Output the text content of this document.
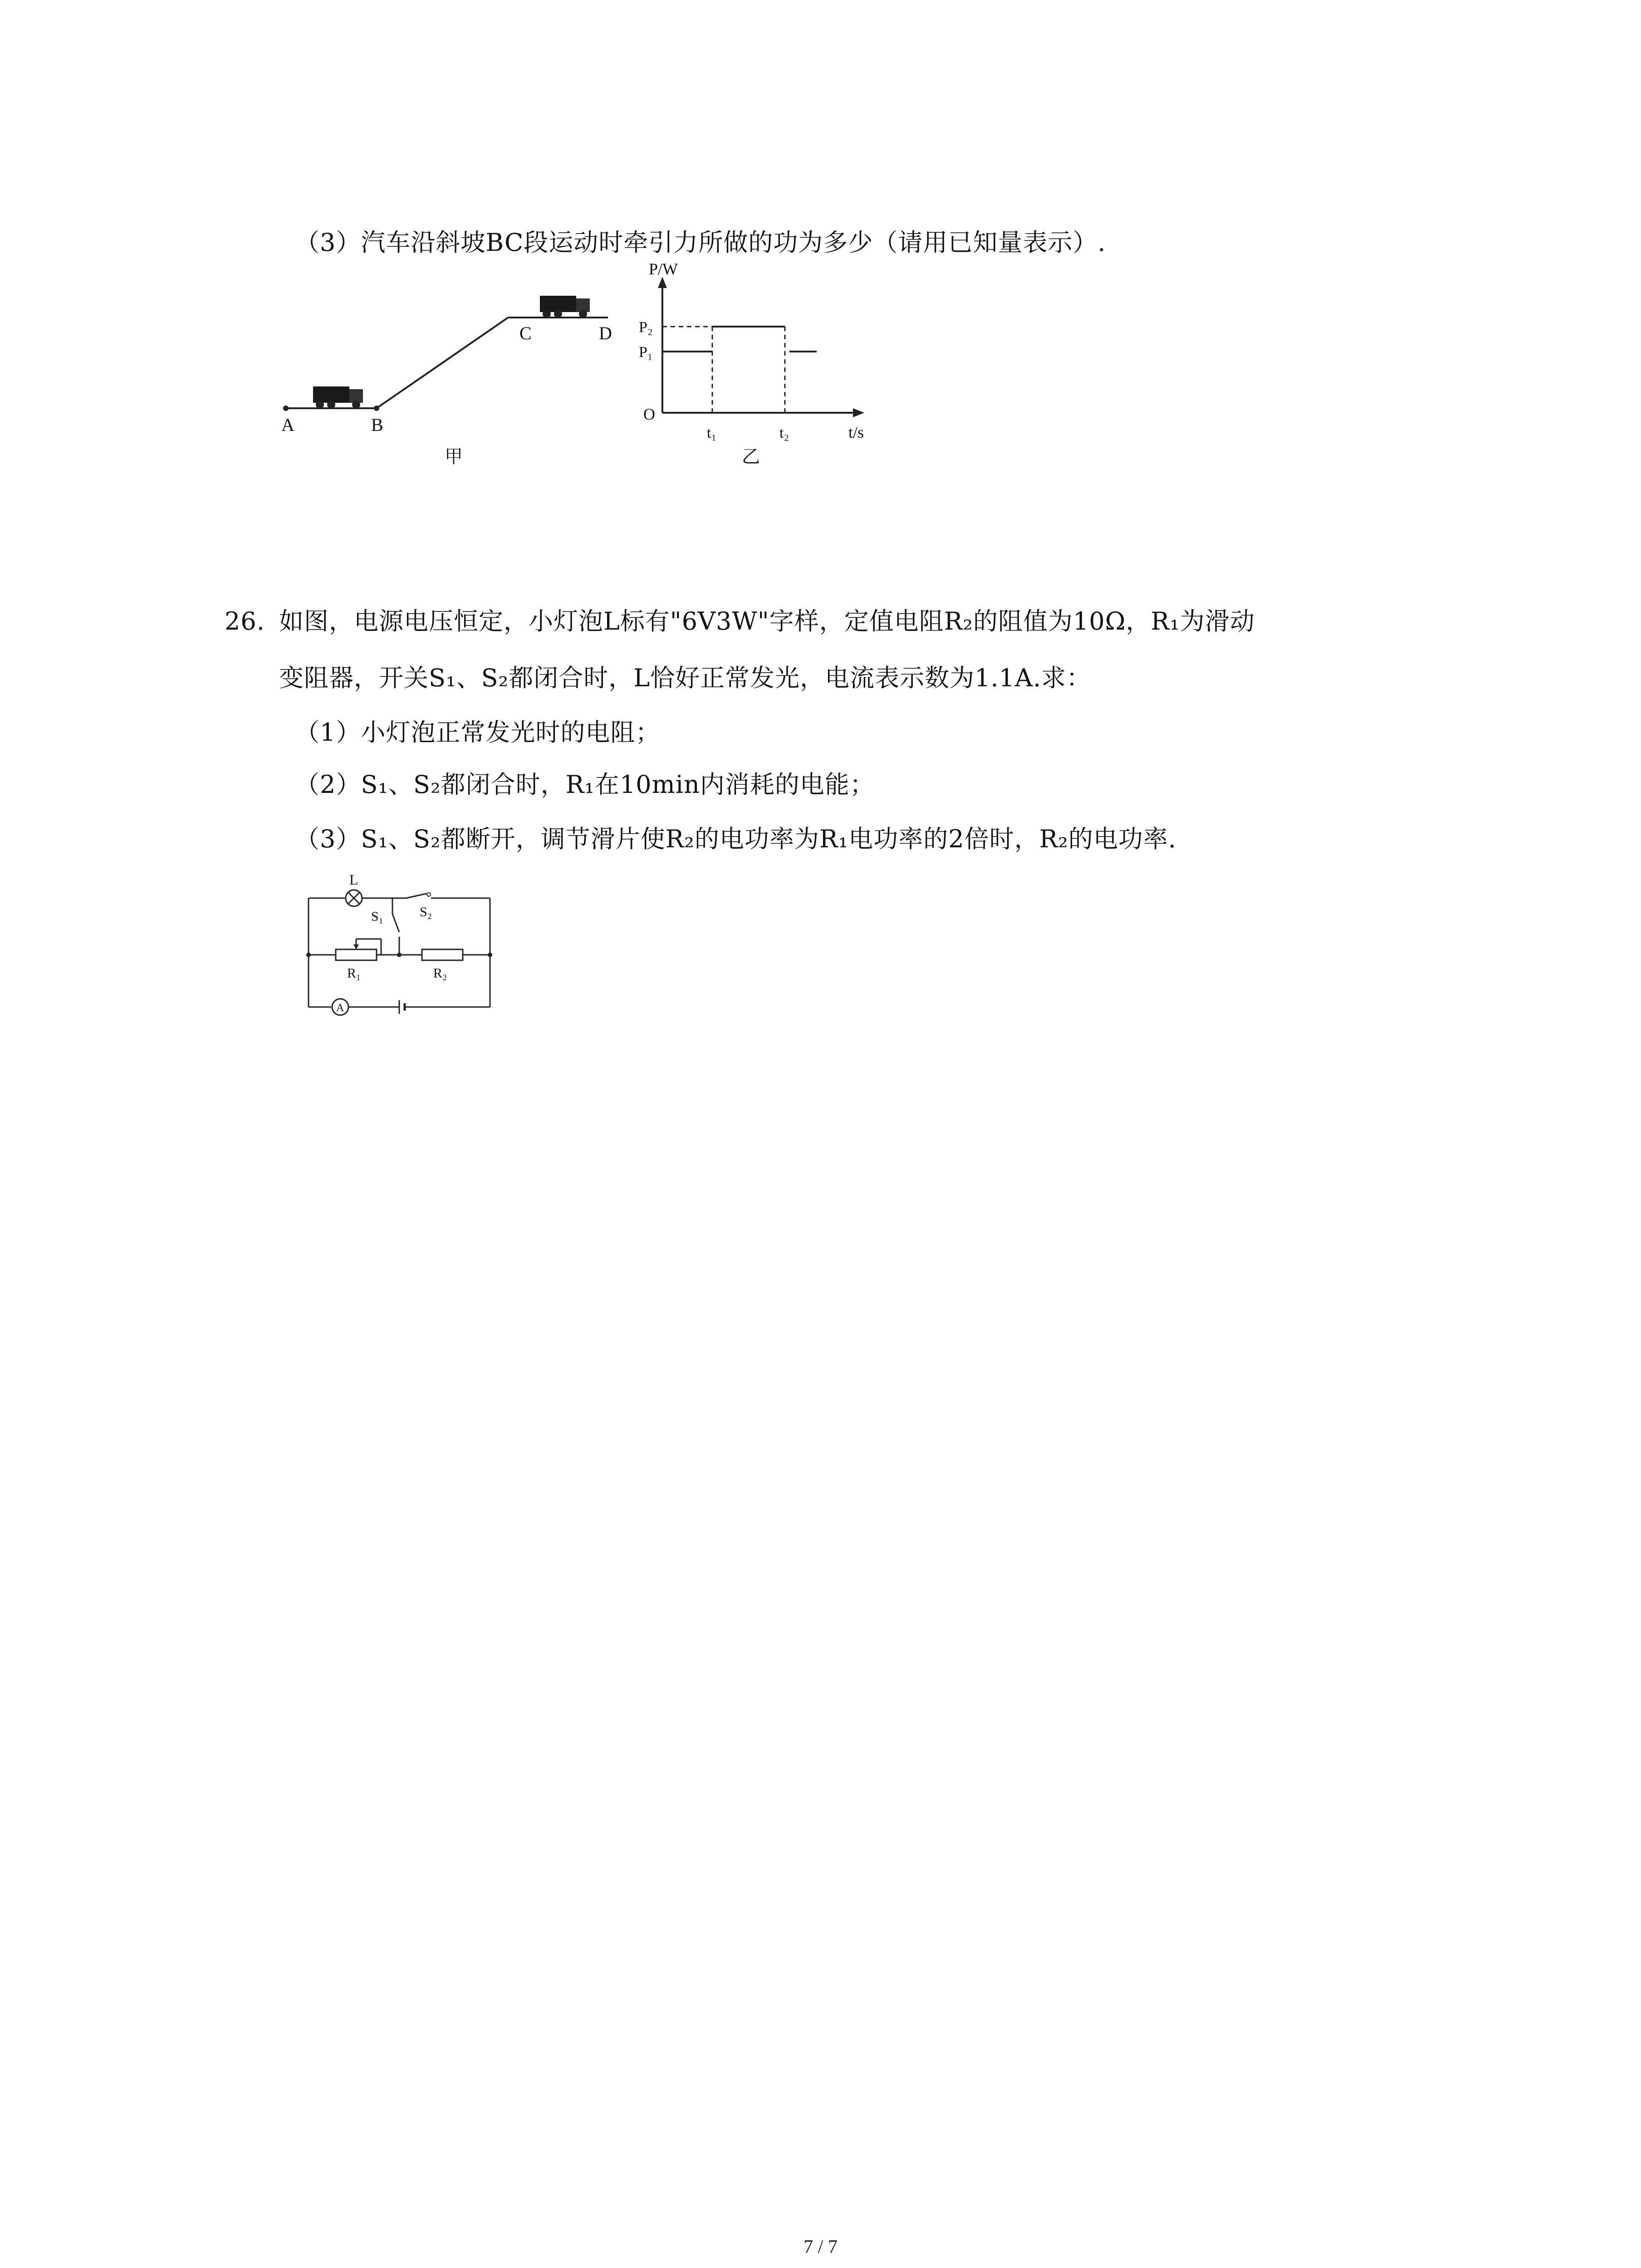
（3）汽车沿斜坡BC段运动时牵引力所做的功为多少（请用已知量表示）.
A	B
C	D
甲
P/W
t/s
O
P₂
P₁
t₁	t₂
乙
26. 如图，电源电压恒定，小灯泡L标有"6V3W"字样，定值电阻R₂的阻值为10Ω，R₁为滑动
变阻器，开关S₁、S₂都闭合时，L恰好正常发光，电流表示数为1.1A.求：
（1）小灯泡正常发光时的电阻；
（2）S₁、S₂都闭合时，R₁在10min内消耗的电能；
（3）S₁、S₂都断开，调节滑片使R₂的电功率为R₁电功率的2倍时，R₂的电功率.
L
S₁	S₂
R₁	R₂
A
7 / 7
